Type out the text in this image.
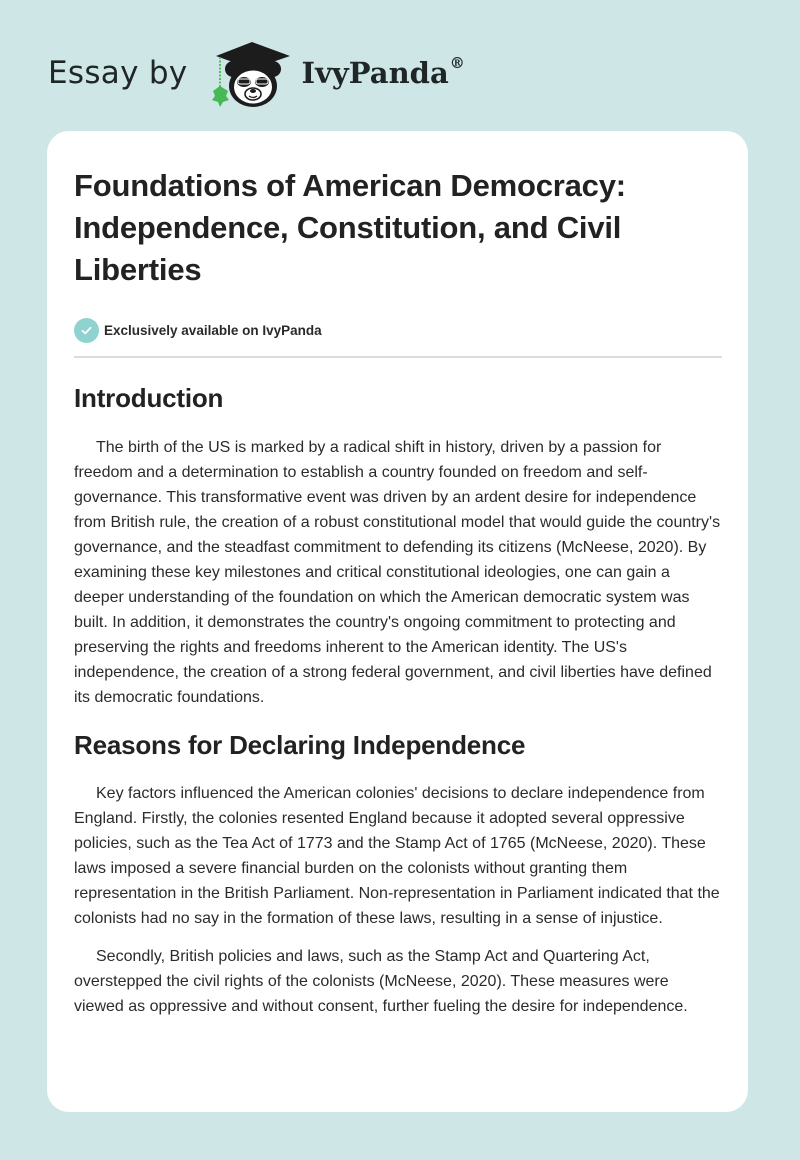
Essay by	IvyPanda®
Foundations of American Democracy: Independence, Constitution, and Civil Liberties
Exclusively available on IvyPanda
Introduction

The birth of the US is marked by a radical shift in history, driven by a passion for freedom and a determination to establish a country founded on freedom and self-governance. This transformative event was driven by an ardent desire for independence from British rule, the creation of a robust constitutional model that would guide the country's governance, and the steadfast commitment to defending its citizens (McNeese, 2020). By examining these key milestones and critical constitutional ideologies, one can gain a deeper understanding of the foundation on which the American democratic system was built. In addition, it demonstrates the country's ongoing commitment to protecting and preserving the rights and freedoms inherent to the American identity. The US's independence, the creation of a strong federal government, and civil liberties have defined its democratic foundations.

Reasons for Declaring Independence

Key factors influenced the American colonies' decisions to declare independence from England. Firstly, the colonies resented England because it adopted several oppressive policies, such as the Tea Act of 1773 and the Stamp Act of 1765 (McNeese, 2020). These laws imposed a severe financial burden on the colonists without granting them representation in the British Parliament. Non-representation in Parliament indicated that the colonists had no say in the formation of these laws, resulting in a sense of injustice.

Secondly, British policies and laws, such as the Stamp Act and Quartering Act, overstepped the civil rights of the colonists (McNeese, 2020). These measures were viewed as oppressive and without consent, further fueling the desire for independence.
